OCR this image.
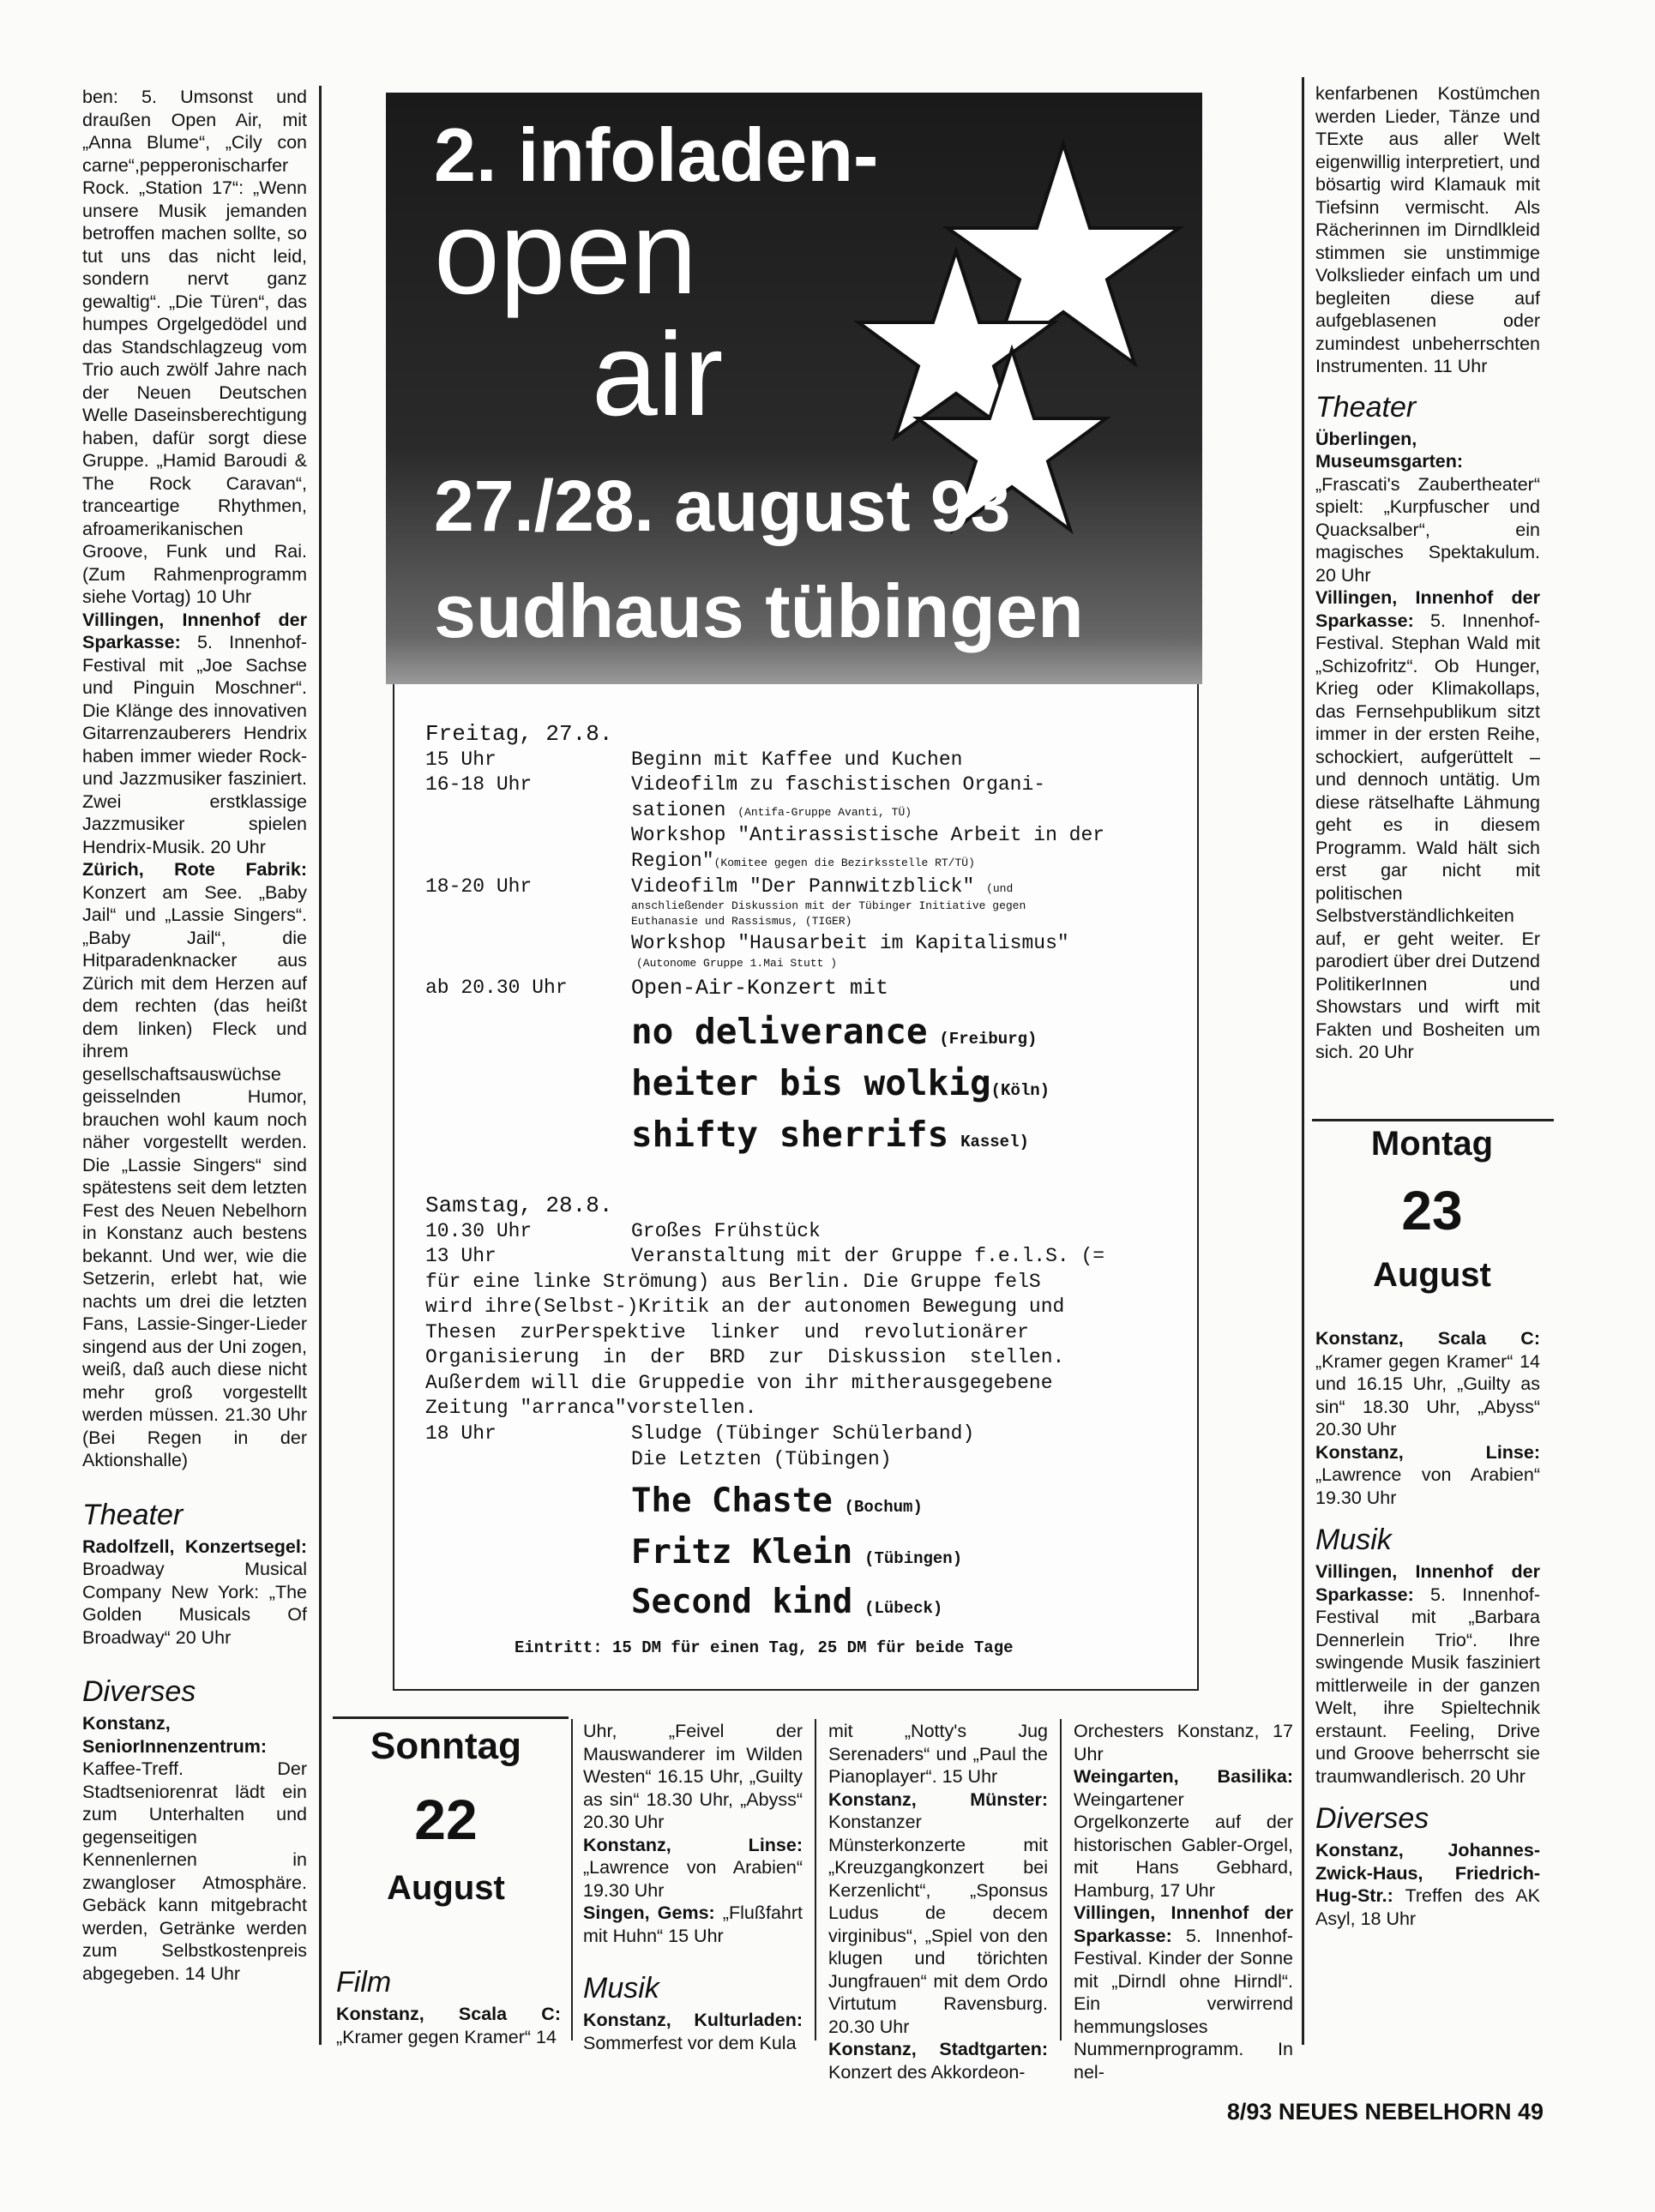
ben: 5. Umsonst und draußen Open Air, mit „Anna Blume“, „Cily con carne“,pepperonischarfer Rock. „Station 17“: „Wenn unsere Musik jemanden betroffen machen sollte, so tut uns das nicht leid, sondern nervt ganz gewaltig“. „Die Türen“, das humpes Orgelgedödel und das Standschlagzeug vom Trio auch zwölf Jahre nach der Neuen Deutschen Welle Daseinsberechtigung haben, dafür sorgt diese Gruppe. „Hamid Baroudi & The Rock Caravan“, tranceartige Rhythmen, afroamerikanischen Groove, Funk und Rai. (Zum Rahmenprogramm siehe Vortag) 10 Uhr

Villingen, Innenhof der Sparkasse: 5. Innenhof-Festival mit „Joe Sachse und Pinguin Moschner“. Die Klänge des innovativen Gitarrenzauberers Hendrix haben immer wieder Rock- und Jazzmusiker fasziniert. Zwei erstklassige Jazzmusiker spielen Hendrix-Musik. 20 Uhr

Zürich, Rote Fabrik: Konzert am See. „Baby Jail“ und „Lassie Singers“. „Baby Jail“, die Hitparadenknacker aus Zürich mit dem Herzen auf dem rechten (das heißt dem linken) Fleck und ihrem gesellschaftsauswüchse geisselnden Humor, brauchen wohl kaum noch näher vorgestellt werden. Die „Lassie Singers“ sind spätestens seit dem letzten Fest des Neuen Nebelhorn in Konstanz auch bestens bekannt. Und wer, wie die Setzerin, erlebt hat, wie nachts um drei die letzten Fans, Lassie-Singer-Lieder singend aus der Uni zogen, weiß, daß auch diese nicht mehr groß vorgestellt werden müssen. 21.30 Uhr (Bei Regen in der Aktionshalle)

Theater

Radolfzell, Konzertsegel: Broadway Musical Company New York: „The Golden Musicals Of Broadway“ 20 Uhr

Diverses

Konstanz, SeniorInnenzentrum: Kaffee-Treff. Der Stadtseniorenrat lädt ein zum Unterhalten und gegenseitigen Kennenlernen in zwangloser Atmosphäre. Gebäck kann mitgebracht werden, Getränke werden zum Selbstkostenpreis abgegeben. 14 Uhr

kenfarbenen Kostümchen werden Lieder, Tänze und TExte aus aller Welt eigenwillig interpretiert, und bösartig wird Klamauk mit Tiefsinn vermischt. Als Rächerinnen im Dirndlkleid stimmen sie unstimmige Volkslieder einfach um und begleiten diese auf aufgeblasenen oder zumindest unbeherrschten Instrumenten. 11 Uhr

Theater

Überlingen, Museumsgarten: „Frascati's Zaubertheater“ spielt: „Kurpfuscher und Quacksalber“, ein magisches Spektakulum. 20 Uhr

Villingen, Innenhof der Sparkasse: 5. Innenhof-Festival. Stephan Wald mit „Schizofritz“. Ob Hunger, Krieg oder Klimakollaps, das Fernsehpublikum sitzt immer in der ersten Reihe, schockiert, aufgerüttelt – und dennoch untätig. Um diese rätselhafte Lähmung geht es in diesem Programm. Wald hält sich erst gar nicht mit politischen Selbstverständlichkeiten auf, er geht weiter. Er parodiert über drei Dutzend PolitikerInnen und Showstars und wirft mit Fakten und Bosheiten um sich. 20 Uhr

Montag
23
August

Konstanz, Scala C: „Kramer gegen Kramer“ 14 und 16.15 Uhr, „Guilty as sin“ 18.30 Uhr, „Abyss“ 20.30 Uhr

Konstanz, Linse: „Lawrence von Arabien“ 19.30 Uhr

Musik

Villingen, Innenhof der Sparkasse: 5. Innenhof-Festival mit „Barbara Dennerlein Trio“. Ihre swingende Musik fasziniert mittlerweile in der ganzen Welt, ihre Spieltechnik erstaunt. Feeling, Drive und Groove beherrscht sie traumwandlerisch. 20 Uhr

Diverses

Konstanz, Johannes-Zwick-Haus, Friedrich-Hug-Str.: Treffen des AK Asyl, 18 Uhr

2. infoladen-
open
air
27./28. august 93
sudhaus tübingen
Freitag, 27.8.
15 Uhr	Beginn mit Kaffee und Kuchen
16-18 Uhr	Videofilm zu faschistischen Organi-
sationen (Antifa-Gruppe Avanti, TÜ)
Workshop "Antirassistische Arbeit in der
Region"(Komitee gegen die Bezirksstelle RT/TÜ)
18-20 Uhr	Videofilm "Der Pannwitzblick" (und
anschließender Diskussion mit der Tübinger Initiative gegen
Euthanasie und Rassismus, (TIGER)
Workshop "Hausarbeit im Kapitalismus"
(Autonome Gruppe 1.Mai Stutt )
ab 20.30 Uhr	Open-Air-Konzert mit
no deliverance (Freiburg)
heiter bis wolkig(Köln)
shifty sherrifs Kassel)
Samstag, 28.8.
10.30 Uhr	Großes Frühstück
13 Uhr	Veranstaltung mit der Gruppe f.e.l.S. (=
für eine linke Strömung) aus Berlin. Die Gruppe felS
wird ihre(Selbst-)Kritik an der autonomen Bewegung und
Thesen  zurPerspektive  linker  und  revolutionärer
Organisierung  in  der  BRD  zur  Diskussion  stellen.
Außerdem will die Gruppedie von ihr mitherausgegebene
Zeitung "arranca"vorstellen.
18 Uhr	Sludge (Tübinger Schülerband)
Die Letzten (Tübingen)
The Chaste (Bochum)
Fritz Klein (Tübingen)
Second kind (Lübeck)
Eintritt: 15 DM für einen Tag, 25 DM für beide Tage
Sonntag
22
August
Film

Konstanz, Scala C: „Kramer gegen Kramer“ 14

Uhr, „Feivel der Mauswanderer im Wilden Westen“ 16.15 Uhr, „Guilty as sin“ 18.30 Uhr, „Abyss“ 20.30 Uhr

Konstanz, Linse: „Lawrence von Arabien“ 19.30 Uhr

Singen, Gems: „Flußfahrt mit Huhn“ 15 Uhr

Musik

Konstanz, Kulturladen: Sommerfest vor dem Kula

mit „Notty's Jug Serenaders“ und „Paul the Pianoplayer“. 15 Uhr

Konstanz, Münster: Konstanzer Münsterkonzerte mit „Kreuzgangkonzert bei Kerzenlicht“, „Sponsus Ludus de decem virginibus“, „Spiel von den klugen und törichten Jungfrauen“ mit dem Ordo Virtutum Ravensburg. 20.30 Uhr

Konstanz, Stadtgarten: Konzert des Akkordeon-

Orchesters Konstanz, 17 Uhr

Weingarten, Basilika: Weingartener Orgelkonzerte auf der historischen Gabler-Orgel, mit Hans Gebhard, Hamburg, 17 Uhr

Villingen, Innenhof der Sparkasse: 5. Innenhof-Festival. Kinder der Sonne mit „Dirndl ohne Hirndl“. Ein verwirrend hemmungsloses Nummernprogramm. In nel-

8/93 NEUES NEBELHORN 49
